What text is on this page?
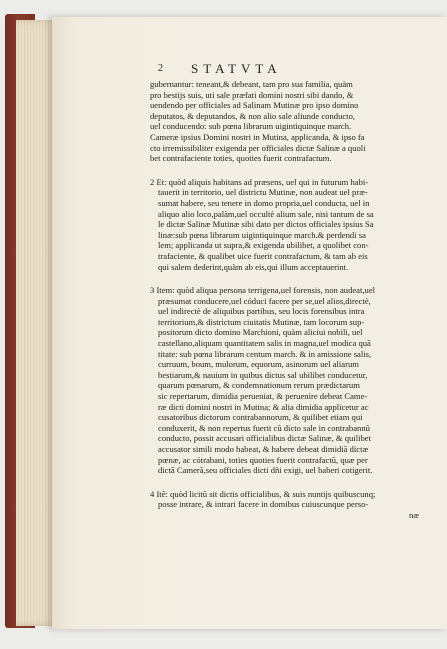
2 STATVTA
gubernantur: teneant,& debeant, tam pro sua familia, quàm
pro bestijs suis, uti sale præfati domini nostri sibi dando, &
uendendo per officiales ad Salinam Mutinæ pro ipso domino
deputatos, & deputandos, & non alio sale aliunde conducto,
uel conducendo: sub pœna librarum uigintiquinque march.
Cameræ ipsius Domini nostri in Mutina, applicanda, & ipso fa
cto irremissibiliter exigenda per officiales dictæ Salinæ a quoli
bet contrafaciente toties, quoties fuerit contrafactum.
2 Et: quòd aliquis habitans ad præsens, uel qui in futurum habi-
tauerit in territorio, uel districtu Mutinæ, non audeat uel præ-
sumat habere, seu tenere in domo propria,uel conducta, uel in
aliquo alio loco,palàm,uel occultè alium sale, nisi tantum de sa
le dictæ Salinæ Mutinæ sibi dato per dictos officiales ipsius Sa
linæ:sub pœna librarum uigintiquinque march.& perdendi sa
lem; applicanda ut supra,& exigenda ubilibet, a quolibet con-
trafaciente, & qualibet uice fuerit contrafactum, & tam ab eis
qui salem dederint,quàm ab eis,qui illum acceptauerint.
3 Item: quòd aliqua persona terrigena,uel forensis, non audeat,uel
præsumat conducere,uel códuci facere per se,uel alios,directè,
uel indirectè de aliquibus partibus, seu locis forensibus intra
territorium,& districtum ciuitatis Mutinæ, tam locorum sup-
positorum dicto domino Marchioni, quàm aliciui nobili, uel
castellano,aliquam quantitatem salis in magna,uel modica quã
titate: sub pœna librarum centum march. & in amissione salis,
curruum, boum, mulorum, equorum, asinorum uel aliarum
bestiarum,& nauium in quibus dictus sal ubilibet conducetur,
quarum pœnarum, & condemnationum rerum prædictarum
sic repertarum, dimidia perueniat, & peruenire debeat Came-
ræ dicti domini nostri in Mutina; & alia dimidia applicetur ac
cusatoribus dictorum contrabannorum, & quilibet etiam qui
conduxerit, & non repertus fuerit cũ dicto sale in contrabannũ
conducto, possit accusari officialibus dictæ Salinæ, & quilibet
accusator simili modo habeat, & habere debeat dimidiã dictæ
pœnæ, ac cótrabani, toties quoties fuerit contrafactũ, quæ per
dictã Camerã,seu officiales dicti dñi exigi, uel haberi cotigerit.
4 Itẽ: quòd licitũ sit dictis officialibus, & suis nuntijs quibuscunq;
posse intrare, & intrari facere in domibus cuiuscunque perso-
næ
